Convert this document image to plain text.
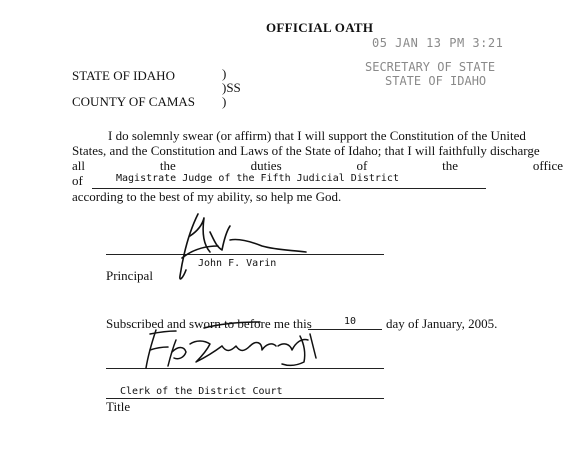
OFFICIAL OATH
05 JAN 13 PM 3:21
SECRETARY OF STATE
STATE OF IDAHO
STATE OF IDAHO
COUNTY OF CAMAS
)
)SS
)
I do solemnly swear (or affirm) that I will support the Constitution of the United
States, and the Constitution and Laws of the State of Idaho; that I will faithfully discharge
all	the	duties	of	the	office
of	Magistrate Judge of the Fifth Judicial District
according to the best of my ability, so help me God.
John F. Varin
Principal
Subscribed and sworn to before me this	10 day of January, 2005.
Clerk of the District Court
Title
